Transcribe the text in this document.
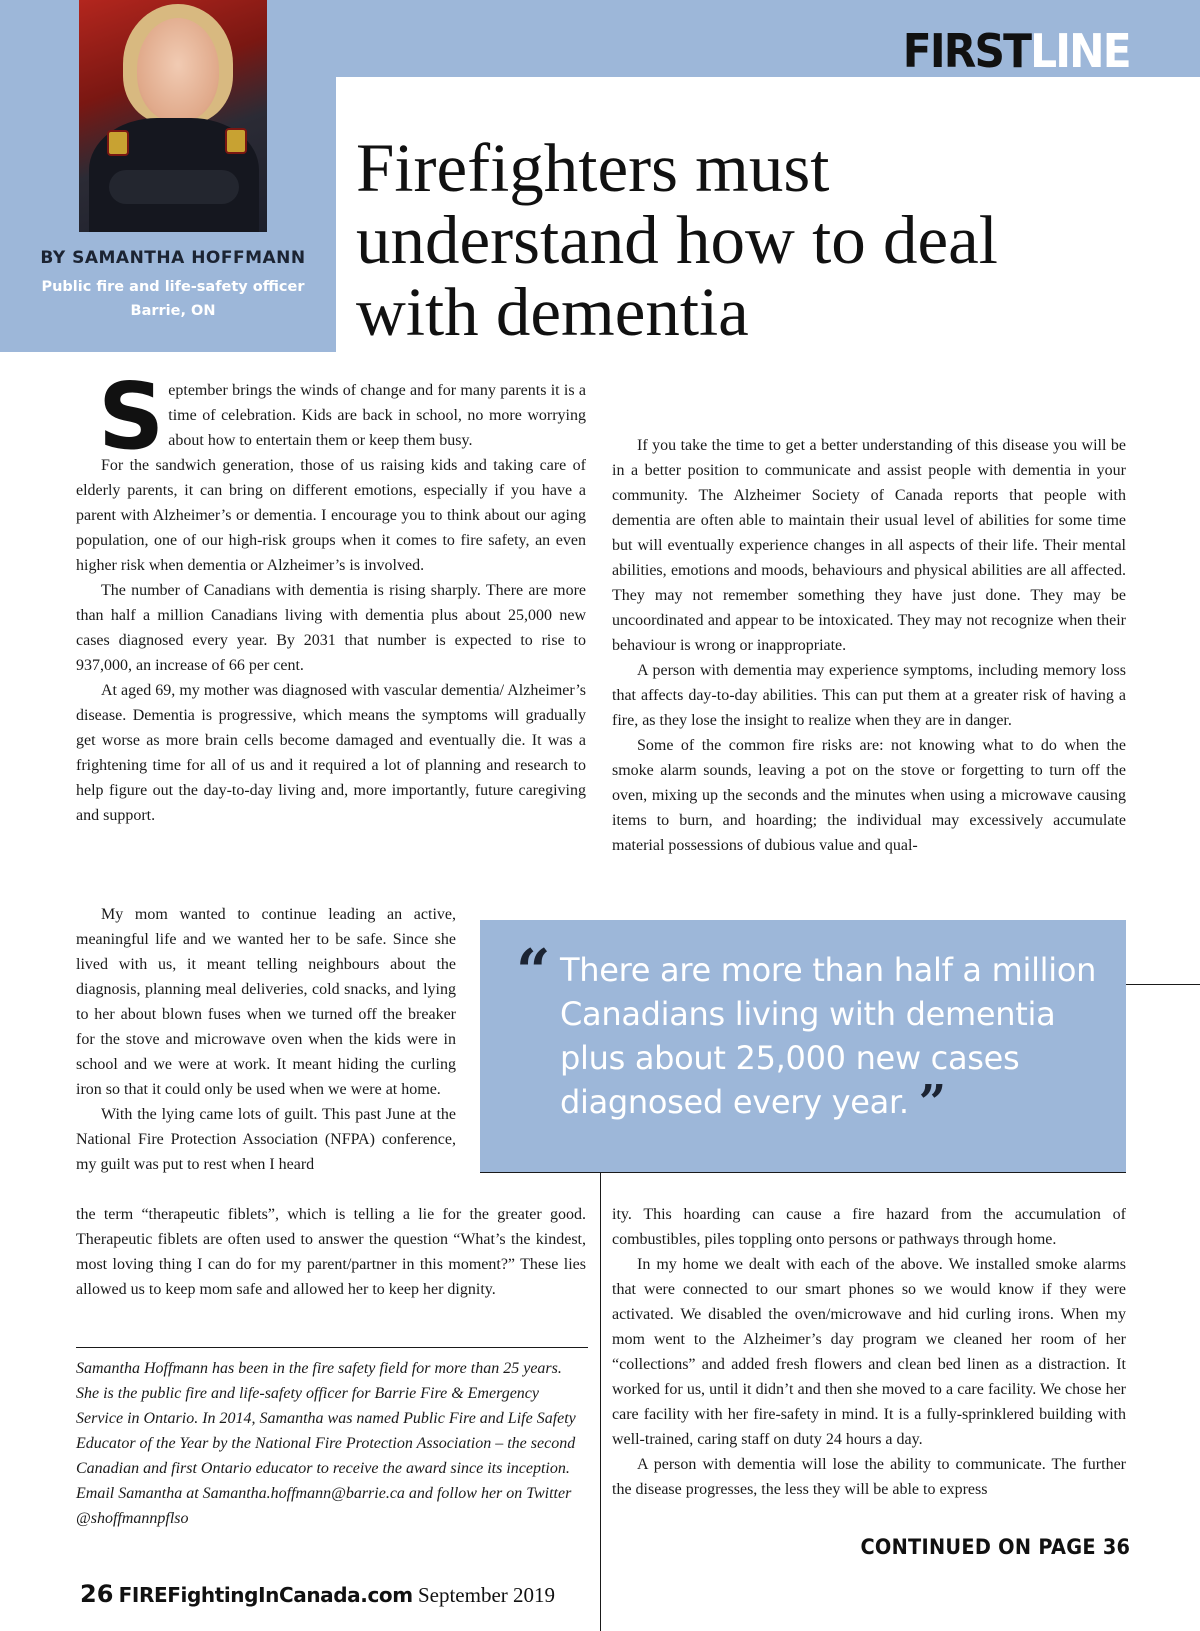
BY SAMANTHA HOFFMANN
Public fire and life-safety officer
Barrie, ON
FIRSTLINE
Firefighters must understand how to deal with dementia

September brings the winds of change and for many parents it is a time of celebration. Kids are back in school, no more worrying about how to entertain them or keep them busy.

For the sandwich generation, those of us raising kids and taking care of elderly parents, it can bring on different emotions, especially if you have a parent with Alzheimer’s or dementia. I encourage you to think about our aging population, one of our high-risk groups when it comes to fire safety, an even higher risk when dementia or Alzheimer’s is involved.

The number of Canadians with dementia is rising sharply. There are more than half a million Canadians living with dementia plus about 25,000 new cases diagnosed every year. By 2031 that number is expected to rise to 937,000, an increase of 66 per cent.

At aged 69, my mother was diagnosed with vascular dementia/ Alzheimer’s disease. Dementia is progressive, which means the symptoms will gradually get worse as more brain cells become damaged and eventually die. It was a frightening time for all of us and it required a lot of planning and research to help figure out the day-to-day living and, more importantly, future caregiving and support.

My mom wanted to continue leading an active, meaningful life and we wanted her to be safe. Since she lived with us, it meant telling neighbours about the diagnosis, planning meal deliveries, cold snacks, and lying to her about blown fuses when we turned off the breaker for the stove and microwave oven when the kids were in school and we were at work. It meant hiding the curling iron so that it could only be used when we were at home.

With the lying came lots of guilt. This past June at the National Fire Protection Association (NFPA) conference, my guilt was put to rest when I heard

the term “therapeutic fiblets”, which is telling a lie for the greater good. Therapeutic fiblets are often used to answer the question “What’s the kindest, most loving thing I can do for my parent/partner in this moment?” These lies allowed us to keep mom safe and allowed her to keep her dignity.

If you take the time to get a better understanding of this disease you will be in a better position to communicate and assist people with dementia in your community. The Alzheimer Society of Canada reports that people with dementia are often able to maintain their usual level of abilities for some time but will eventually experience changes in all aspects of their life. Their mental abilities, emotions and moods, behaviours and physical abilities are all affected. They may not remember something they have just done. They may be uncoordinated and appear to be intoxicated. They may not recognize when their behaviour is wrong or inappropriate.

A person with dementia may experience symptoms, including memory loss that affects day-to-day abilities. This can put them at a greater risk of having a fire, as they lose the insight to realize when they are in danger.

Some of the common fire risks are: not knowing what to do when the smoke alarm sounds, leaving a pot on the stove or forgetting to turn off the oven, mixing up the seconds and the minutes when using a microwave causing items to burn, and hoarding; the individual may excessively accumulate material possessions of dubious value and qual-

“ There are more than half a million Canadians living with dementia plus about 25,000 new cases diagnosed every year. ”

ity. This hoarding can cause a fire hazard from the accumulation of combustibles, piles toppling onto persons or pathways through home.

In my home we dealt with each of the above. We installed smoke alarms that were connected to our smart phones so we would know if they were activated. We disabled the oven/microwave and hid curling irons. When my mom went to the Alzheimer’s day program we cleaned her room of her “collections” and added fresh flowers and clean bed linen as a distraction. It worked for us, until it didn’t and then she moved to a care facility. We chose her care facility with her fire-safety in mind. It is a fully-sprinklered building with well-trained, caring staff on duty 24 hours a day.

A person with dementia will lose the ability to communicate. The further the disease progresses, the less they will be able to express

Samantha Hoffmann has been in the fire safety field for more than 25 years. She is the public fire and life-safety officer for Barrie Fire & Emergency Service in Ontario. In 2014, Samantha was named Public Fire and Life Safety Educator of the Year by the National Fire Protection Association – the second Canadian and first Ontario educator to receive the award since its inception. Email Samantha at Samantha.hoffmann@barrie.ca and follow her on Twitter @shoffmannpflso
CONTINUED ON PAGE 36
26 FIREFightingInCanada.com September 2019
